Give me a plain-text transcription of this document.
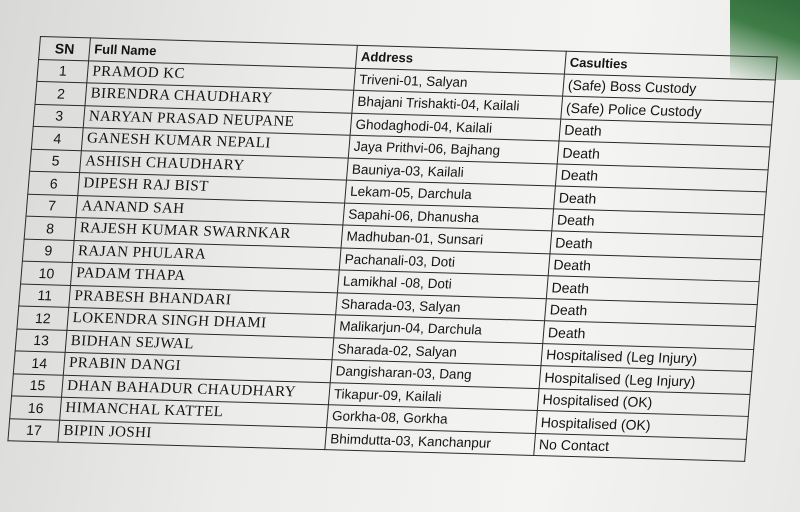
SN	Full Name	Address	Casulties
1	PRAMOD KC	Triveni-01, Salyan	(Safe) Boss Custody
2	BIRENDRA CHAUDHARY	Bhajani Trishakti-04, Kailali	(Safe) Police Custody
3	NARYAN PRASAD NEUPANE	Ghodaghodi-04, Kailali	Death
4	GANESH KUMAR NEPALI	Jaya Prithvi-06, Bajhang	Death
5	ASHISH CHAUDHARY	Bauniya-03, Kailali	Death
6	DIPESH RAJ BIST	Lekam-05, Darchula	Death
7	AANAND SAH	Sapahi-06, Dhanusha	Death
8	RAJESH KUMAR SWARNKAR	Madhuban-01, Sunsari	Death
9	RAJAN PHULARA	Pachanali-03, Doti	Death
10	PADAM THAPA	Lamikhal -08, Doti	Death
11	PRABESH BHANDARI	Sharada-03, Salyan	Death
12	LOKENDRA SINGH DHAMI	Malikarjun-04, Darchula	Death
13	BIDHAN SEJWAL	Sharada-02, Salyan	Hospitalised (Leg Injury)
14	PRABIN DANGI	Dangisharan-03, Dang	Hospitalised (Leg Injury)
15	DHAN BAHADUR CHAUDHARY	Tikapur-09, Kailali	Hospitalised (OK)
16	HIMANCHAL KATTEL	Gorkha-08, Gorkha	Hospitalised (OK)
17	BIPIN JOSHI	Bhimdutta-03, Kanchanpur	No Contact
